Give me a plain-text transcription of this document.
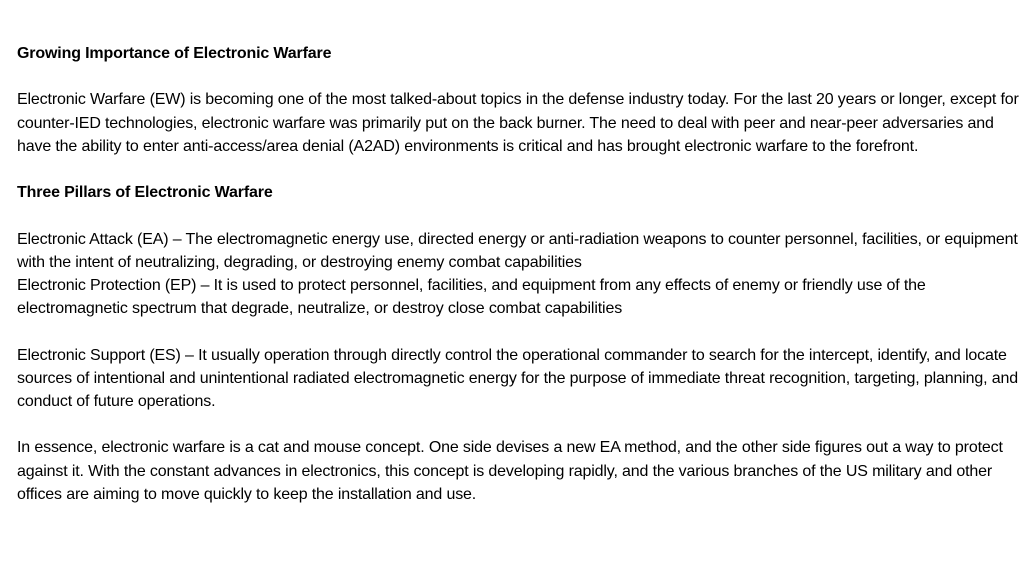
Growing Importance of Electronic Warfare

Electronic Warfare (EW) is becoming one of the most talked-about topics in the defense industry today. For the last 20 years or longer, except for counter-IED technologies, electronic warfare was primarily put on the back burner. The need to deal with peer and near-peer adversaries and have the ability to enter anti-access/area denial (A2AD) environments is critical and has brought electronic warfare to the forefront.

Three Pillars of Electronic Warfare

Electronic Attack (EA) – The electromagnetic energy use, directed energy or anti-radiation weapons to counter personnel, facilities, or equipment with the intent of neutralizing, degrading, or destroying enemy combat capabilities

Electronic Protection (EP) – It is used to protect personnel, facilities, and equipment from any effects of enemy or friendly use of the electromagnetic spectrum that degrade, neutralize, or destroy close combat capabilities

Electronic Support (ES) – It usually operation through directly control the operational commander to search for the intercept, identify, and locate sources of intentional and unintentional radiated electromagnetic energy for the purpose of immediate threat recognition, targeting, planning, and conduct of future operations.

In essence, electronic warfare is a cat and mouse concept. One side devises a new EA method, and the other side figures out a way to protect against it. With the constant advances in electronics, this concept is developing rapidly, and the various branches of the US military and other offices are aiming to move quickly to keep the installation and use.
